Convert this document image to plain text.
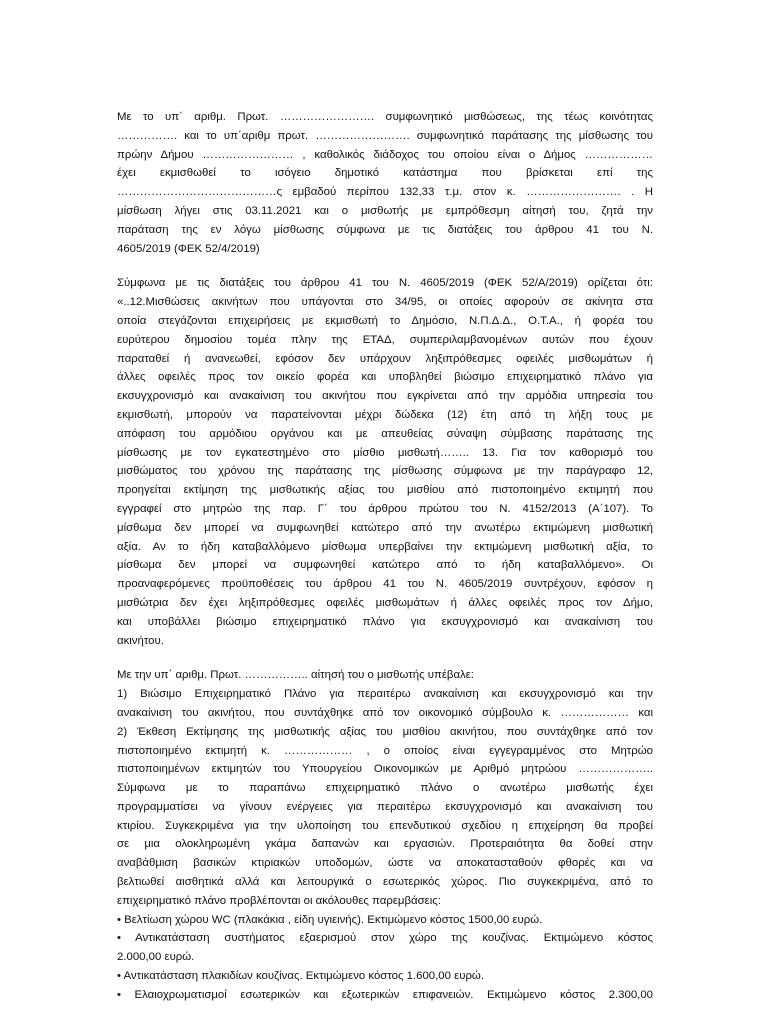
Με το υπ΄ αριθμ. Πρωτ. ……………………. συμφωνητικό μισθώσεως, της τέως κοινότητας
……………. και το υπ΄αριθμ πρωτ. ……………………. συμφωνητικό παράτασης της μίσθωσης του
πρώην Δήμου …………………… , καθολικός διάδοχος του οποίου είναι ο Δήμος ………………
έχει εκμισθωθεί το ισόγειο δημοτικό κατάστημα που βρίσκεται επί της
……………………………………ς εμβαδού περίπου 132,33 τ.μ. στον κ. ……………………. . Η
μίσθωση λήγει στις 03.11.2021 και ο μισθωτής με εμπρόθεσμη αίτησή του, ζητά την
παράταση της εν λόγω μίσθωσης σύμφωνα με τις διατάξεις του άρθρου 41 του Ν.
4605/2019 (ΦΕΚ 52/4/2019)
Σύμφωνα με τις διατάξεις του άρθρου 41 του Ν. 4605/2019 (ΦΕΚ 52/Α/2019) ορίζεται ότι:
«..12.Μισθώσεις ακινήτων που υπάγονται στο 34/95, οι οποίες αφορούν σε ακίνητα στα
οποία στεγάζονται επιχειρήσεις με εκμισθωτή το Δημόσιο, Ν.Π.Δ.Δ., Ο.Τ.Α., ή φορέα του
ευρύτερου δημοσίου τομέα πλην της ΕΤΑΔ, συμπεριλαμβανομένων αυτών που έχουν
παραταθεί ή ανανεωθεί, εφόσον δεν υπάρχουν ληξιπρόθεσμες οφειλές μισθωμάτων ή
άλλες οφειλές προς τον οικείο φορέα και υποβληθεί βιώσιμο επιχειρηματικό πλάνο για
εκσυγχρονισμό και ανακαίνιση του ακινήτου που εγκρίνεται από την αρμόδια υπηρεσία του
εκμισθωτή, μπορούν να παρατείνονται μέχρι δώδεκα (12) έτη από τη λήξη τους με
απόφαση του αρμόδιου οργάνου και με απευθείας σύναψη σύμβασης παράτασης της
μίσθωσης με τον εγκατεστημένο στο μίσθιο μισθωτή…….. 13. Για τον καθορισμό του
μισθώματος του χρόνου της παράτασης της μίσθωσης σύμφωνα με την παράγραφο 12,
προηγείται εκτίμηση της μισθωτικής αξίας του μισθίου από πιστοποιημένο εκτιμητή που
εγγραφεί στο μητρώο της παρ. Γ΄ του άρθρου πρώτου του Ν. 4152/2013 (Α΄107). Το
μίσθωμα δεν μπορεί να συμφωνηθεί κατώτερο από την ανωτέρω εκτιμώμενη μισθωτική
αξία. Αν το ήδη καταβαλλόμενο μίσθωμα υπερβαίνει την εκτιμώμενη μισθωτική αξία, το
μίσθωμα δεν μπορεί να συμφωνηθεί κατώτερο από το ήδη καταβαλλόμενο». Οι
προαναφερόμενες προϋποθέσεις του άρθρου 41 του Ν. 4605/2019 συντρέχουν, εφόσον η
μισθώτρια δεν έχει ληξιπρόθεσμες οφειλές μισθωμάτων ή άλλες οφειλές προς τον Δήμο,
και υποβάλλει βιώσιμο επιχειρηματικό πλάνο για εκσυγχρονισμό και ανακαίνιση του
ακινήτου.
Με την υπ΄ αριθμ. Πρωτ. …………….. αίτησή του ο μισθωτής υπέβαλε:
1) Βιώσιμο Επιχειρηματικό Πλάνο για περαιτέρω ανακαίνιση και εκσυγχρονισμό και την
ανακαίνιση του ακινήτου, που συντάχθηκε από τον οικονομικό σύμβουλο κ. ……………… και
2) Έκθεση Εκτίμησης της μισθωτικής αξίας του μισθίου ακινήτου, που συντάχθηκε από τον
πιστοποιημένο εκτιμητή κ. ……………… , ο οποίος είναι εγγεγραμμένος στο Μητρώο
πιστοποιημένων εκτιμητών του Υπουργείου Οικονομικών με Αριθμό μητρώου ………………..
Σύμφωνα με το παραπάνω επιχειρηματικό πλάνο ο ανωτέρω μισθωτής έχει
προγραμματίσει να γίνουν ενέργειες για περαιτέρω εκσυγχρονισμό και ανακαίνιση του
κτιρίου. Συγκεκριμένα για την υλοποίηση του επενδυτικού σχεδίου η επιχείρηση θα προβεί
σε μια ολοκληρωμένη γκάμα δαπανών και εργασιών. Προτεραιότητα θα δοθεί στην
αναβάθμιση βασικών κτιριακών υποδομών, ώστε να αποκατασταθούν φθορές και να
βελτιωθεί αισθητικά αλλά και λειτουργικά ο εσωτερικός χώρος. Πιο συγκεκριμένα, από το
επιχειρηματικό πλάνο προβλέπονται οι ακόλουθες παρεμβάσεις:
• Βελτίωση χώρου WC (πλακάκια , είδη υγιεινής). Εκτιμώμενο κόστος 1500,00 ευρώ.
• Αντικατάσταση συστήματος εξαερισμού στον χώρο της κουζίνας. Εκτιμώμενο κόστος
2.000,00 ευρώ.
• Αντικατάσταση πλακιδίων κουζίνας. Εκτιμώμενο κόστος 1.600,00 ευρώ.
• Ελαιοχρωματισμοί εσωτερικών και εξωτερικών επιφανειών. Εκτιμώμενο κόστος 2.300,00
